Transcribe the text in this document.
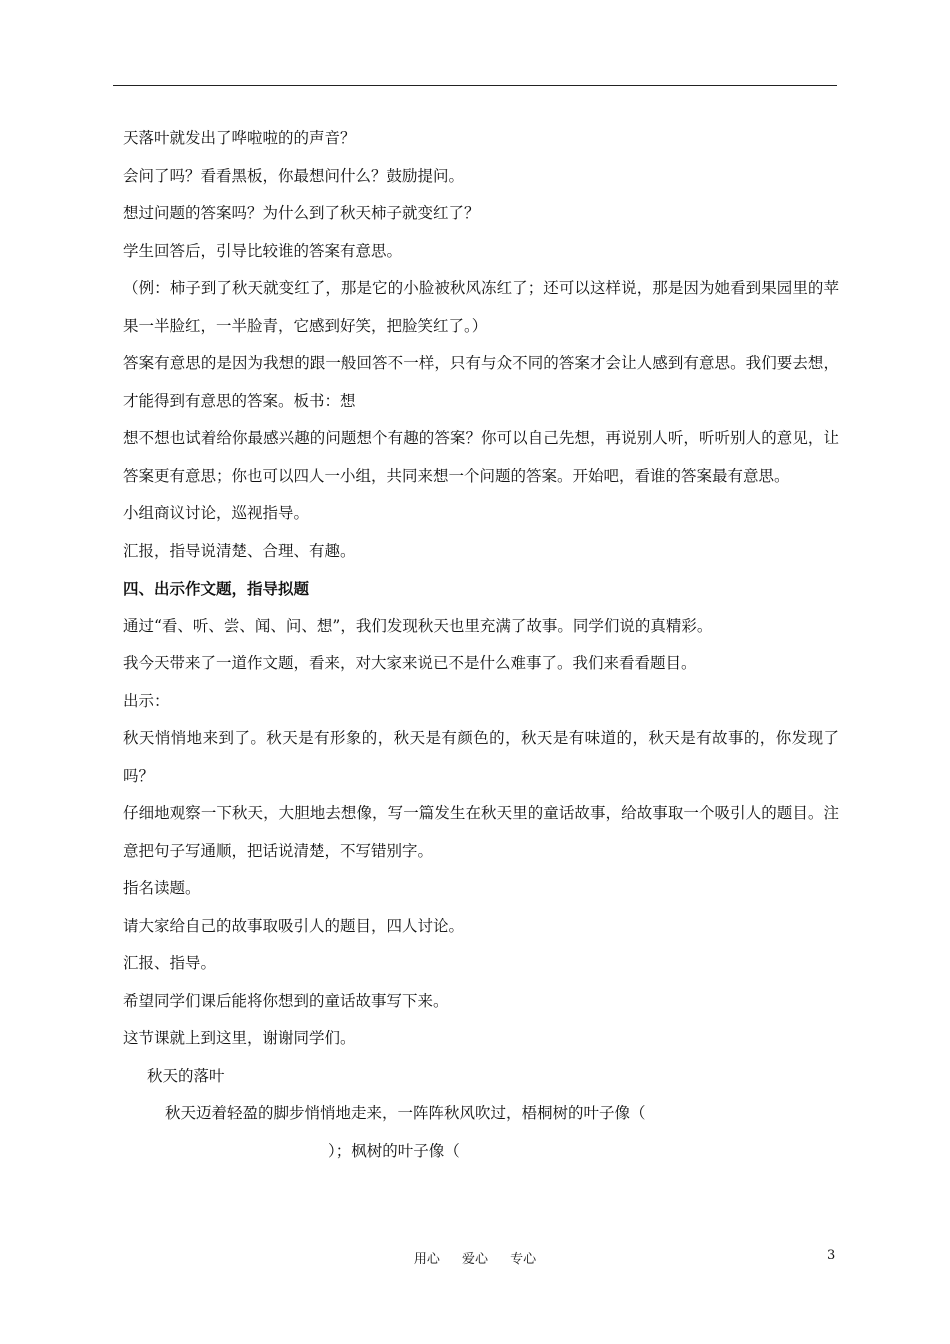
天落叶就发出了哗啦啦的的声音？

会问了吗？看看黑板，你最想问什么？鼓励提问。

想过问题的答案吗？为什么到了秋天柿子就变红了？

学生回答后，引导比较谁的答案有意思。

（例：柿子到了秋天就变红了，那是它的小脸被秋风冻红了；还可以这样说，那是因为她看到果园里的苹果一半脸红，一半脸青，它感到好笑，把脸笑红了。）

答案有意思的是因为我想的跟一般回答不一样，只有与众不同的答案才会让人感到有意思。我们要去想，才能得到有意思的答案。板书：想

想不想也试着给你最感兴趣的问题想个有趣的答案？你可以自己先想，再说别人听，听听别人的意见，让答案更有意思；你也可以四人一小组，共同来想一个问题的答案。开始吧，看谁的答案最有意思。

小组商议讨论，巡视指导。

汇报，指导说清楚、合理、有趣。

四、出示作文题，指导拟题

通过“看、听、尝、闻、问、想”，我们发现秋天也里充满了故事。同学们说的真精彩。

我今天带来了一道作文题，看来，对大家来说已不是什么难事了。我们来看看题目。

出示：

秋天悄悄地来到了。秋天是有形象的，秋天是有颜色的，秋天是有味道的，秋天是有故事的，你发现了吗？

仔细地观察一下秋天，大胆地去想像，写一篇发生在秋天里的童话故事，给故事取一个吸引人的题目。注意把句子写通顺，把话说清楚，不写错别字。

指名读题。

请大家给自己的故事取吸引人的题目，四人讨论。

汇报、指导。

希望同学们课后能将你想到的童话故事写下来。

这节课就上到这里，谢谢同学们。

秋天的落叶

秋天迈着轻盈的脚步悄悄地走来，一阵阵秋风吹过，梧桐树的叶子像（

）；枫树的叶子像（

用心 爱心 专心	3
